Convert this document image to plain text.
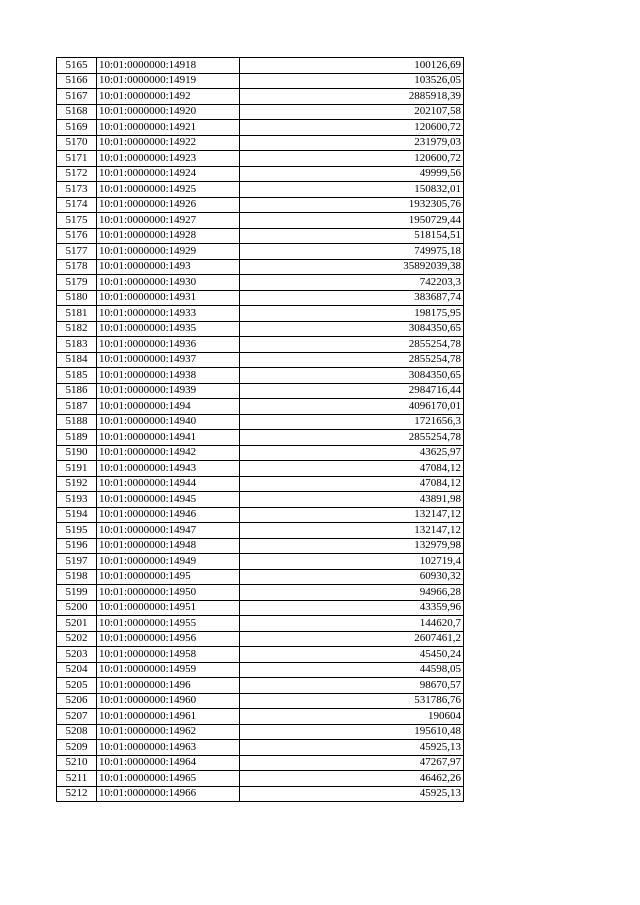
5165	10:01:0000000:14918	100126,69
5166	10:01:0000000:14919	103526,05
5167	10:01:0000000:1492	2885918,39
5168	10:01:0000000:14920	202107,58
5169	10:01:0000000:14921	120600,72
5170	10:01:0000000:14922	231979,03
5171	10:01:0000000:14923	120600,72
5172	10:01:0000000:14924	49999,56
5173	10:01:0000000:14925	150832,01
5174	10:01:0000000:14926	1932305,76
5175	10:01:0000000:14927	1950729,44
5176	10:01:0000000:14928	518154,51
5177	10:01:0000000:14929	749975,18
5178	10:01:0000000:1493	35892039,38
5179	10:01:0000000:14930	742203,3
5180	10:01:0000000:14931	383687,74
5181	10:01:0000000:14933	198175,95
5182	10:01:0000000:14935	3084350,65
5183	10:01:0000000:14936	2855254,78
5184	10:01:0000000:14937	2855254,78
5185	10:01:0000000:14938	3084350,65
5186	10:01:0000000:14939	2984716,44
5187	10:01:0000000:1494	4096170,01
5188	10:01:0000000:14940	1721656,3
5189	10:01:0000000:14941	2855254,78
5190	10:01:0000000:14942	43625,97
5191	10:01:0000000:14943	47084,12
5192	10:01:0000000:14944	47084,12
5193	10:01:0000000:14945	43891,98
5194	10:01:0000000:14946	132147,12
5195	10:01:0000000:14947	132147,12
5196	10:01:0000000:14948	132979,98
5197	10:01:0000000:14949	102719,4
5198	10:01:0000000:1495	60930,32
5199	10:01:0000000:14950	94966,28
5200	10:01:0000000:14951	43359,96
5201	10:01:0000000:14955	144620,7
5202	10:01:0000000:14956	2607461,2
5203	10:01:0000000:14958	45450,24
5204	10:01:0000000:14959	44598,05
5205	10:01:0000000:1496	98670,57
5206	10:01:0000000:14960	531786,76
5207	10:01:0000000:14961	190604
5208	10:01:0000000:14962	195610,48
5209	10:01:0000000:14963	45925,13
5210	10:01:0000000:14964	47267,97
5211	10:01:0000000:14965	46462,26
5212	10:01:0000000:14966	45925,13
